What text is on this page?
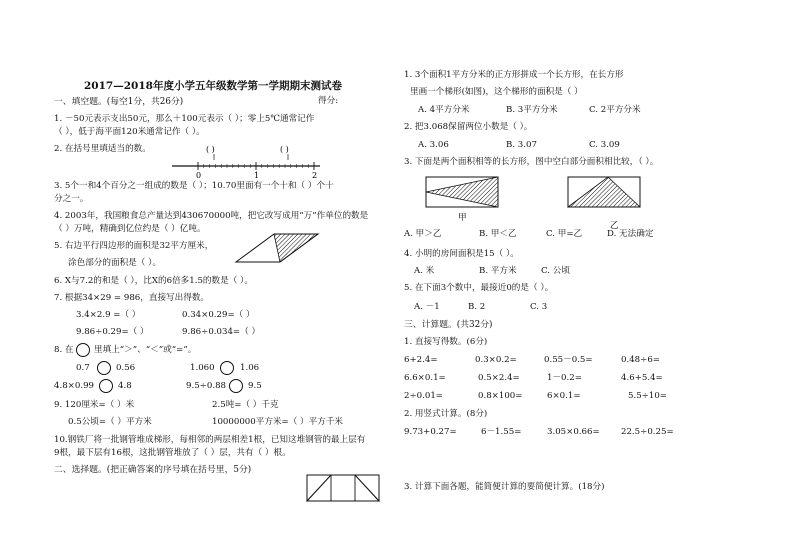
2017—2018年度小学五年级数学第一学期期末测试卷
得分:
一、填空题。(每空1分，共26分)
1. －50元表示支出50元，那么＋100元表示（ ）；零上5℃通常记作
（ ），低于海平面120米通常记作（ ）。
2. 在括号里填适当的数。	( )	( )
0	1	2
3. 5个一和4个百分之一组成的数是（ ）；10.70里面有一个十和（ ）个十
分之一。
4. 2003年，我国粮食总产量达到430670000吨，把它改写成用“万”作单位的数是
（ ）万吨，精确到亿位约是（ ）亿吨。
5. 右边平行四边形的面积是32平方厘米，
涂色部分的面积是（ ）。
6. X与7.2的和是（ ），比X的6倍多1.5的数是（ ）。
7. 根据34×29 = 986，直接写出得数。
3.4×2.9 =（ ）	0.34×0.29=（ ）
9.86÷0.29=（ ）	9.86÷0.034=（ ）
8. 在 里填上“＞”、“＜”或“=”。
0.7	0.56	1.060	1.06
4.8×0.99	4.8	9.5÷0.88	9.5
9. 120厘米=（ ）米	2.5吨=（ ）千克
0.5公顷=（ ）平方米	10000000平方米=（ ）平方千米
10.钢铁厂将一批钢管堆成梯形，每相邻的两层相差1根，已知这堆钢管的最上层有
9根，最下层有16根，这批钢管堆放了（ ）层，共有（ ）根。
二、选择题。(把正确答案的序号填在括号里，5分)
1. 3个面积1平方分米的正方形拼成一个长方形，在长方形
里画一个梯形(如图)，这个梯形的面积是（ ）
A. 4平方分米	B. 3平方分米	C. 2平方分米
2. 把3.068保留两位小数是（ ）。
A. 3.06	B. 3.07	C. 3.09
3. 下面是两个面积相等的长方形，图中空白部分面积相比较，（ ）。
甲
乙
A. 甲＞乙	B. 甲＜乙	C. 甲=乙	D. 无法确定
4. 小明的房间面积是15（ ）。
A. 米	B. 平方米	C. 公顷
5. 在下面3个数中，最接近0的是（ ）。
A. －1	B. 2	C. 3
三、计算题。(共32分)
1. 直接写得数。(6分)
6+2.4=	0.3×0.2=	0.55－0.5=	0.48÷6=
6.6×0.1=	0.5×2.4=	1－0.2=	4.6+5.4=
2÷0.01=	0.8×100=	6×0.1=	5.5÷10=
2. 用竖式计算。(8分)
9.73+0.27=	6－1.55=	3.05×0.66= 22.5÷0.25=
3. 计算下面各题，能简便计算的要简便计算。(18分)
